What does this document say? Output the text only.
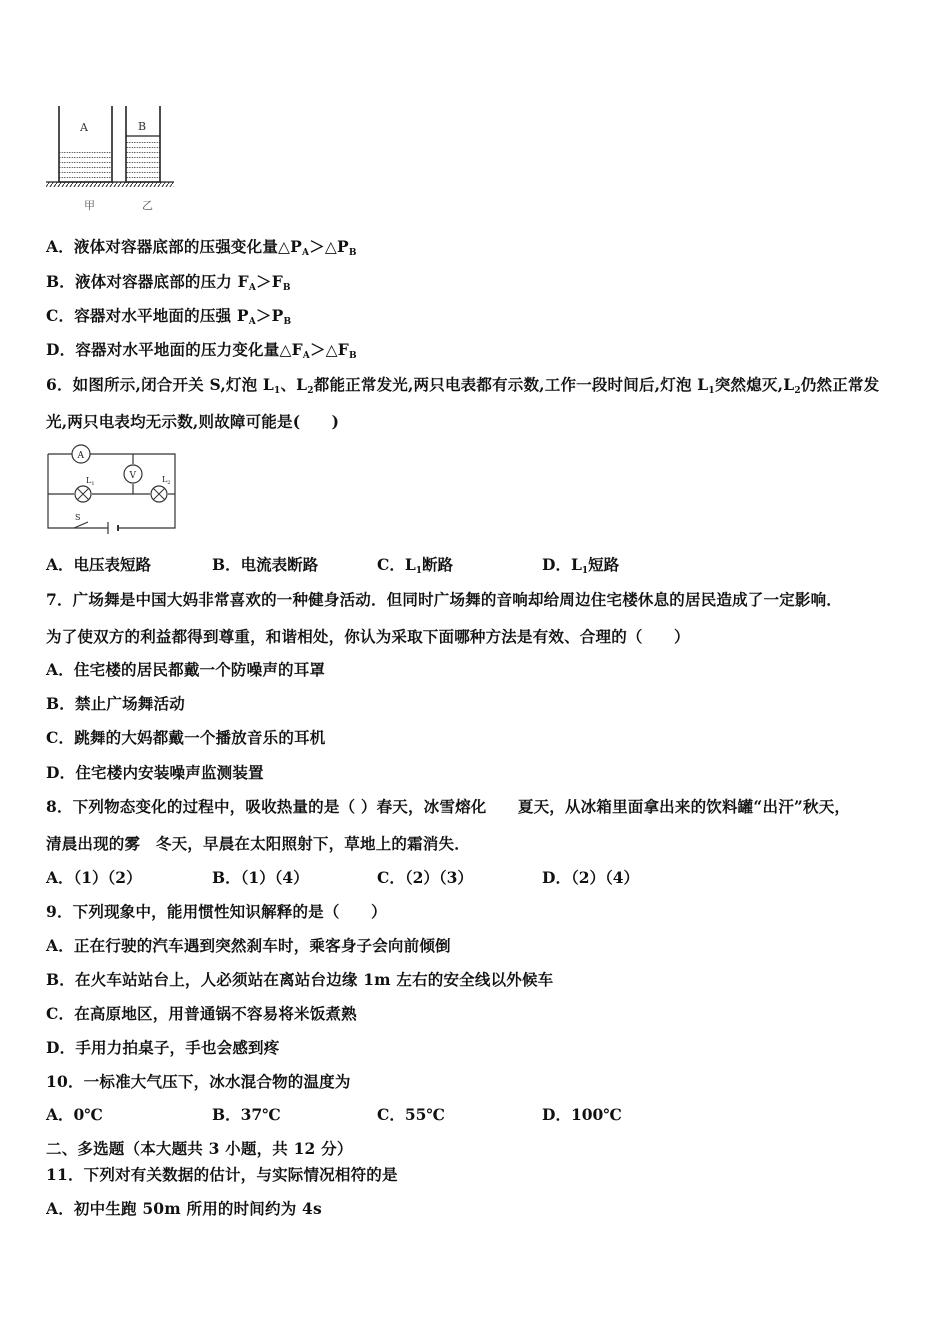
A	B
甲	乙
A．液体对容器底部的压强变化量$\triangle P_A>\triangle P_B$
B．液体对容器底部的压力 $F_A>F_B$
C．容器对水平地面的压强 $P_A>P_B$
D．容器对水平地面的压力变化量$\triangle F_A>\triangle F_B$
6．如图所示,闭合开关 S,灯泡 $L_1$、$L_2$都能正常发光,两只电表都有示数,工作一段时间后,灯泡 $L_1$突然熄灭$,L_2$仍然正常发
光,两只电表均无示数,则故障可能是(　　)
A
V
$L_1$	$L_2$
S
A．电压表短路	B．电流表断路	C．$L_1$断路	D．$L_1$短路
7．广场舞是中国大妈非常喜欢的一种健身活动．但同时广场舞的音响却给周边住宅楼休息的居民造成了一定影响．
为了使双方的利益都得到尊重，和谐相处，你认为采取下面哪种方法是有效、合理的（　　）
A．住宅楼的居民都戴一个防噪声的耳罩
B．禁止广场舞活动
C．跳舞的大妈都戴一个播放音乐的耳机
D．住宅楼内安装噪声监测装置
8．下列物态变化的过程中，吸收热量的是（ ）春天，冰雪熔化　　夏天，从冰箱里面拿出来的饮料罐“出汗”秋天，
清晨出现的雾　冬天，早晨在太阳照射下，草地上的霜消失．
A．（1）（2）	B．（1）（4）	C．（2）（3）	D．（2）（4）
9．下列现象中，能用惯性知识解释的是（　　）
A．正在行驶的汽车遇到突然刹车时，乘客身子会向前倾倒
B．在火车站站台上，人必须站在离站台边缘 1m 左右的安全线以外候车
C．在高原地区，用普通锅不容易将米饭煮熟
D．手用力拍桌子，手也会感到疼
10．一标准大气压下，冰水混合物的温度为
A．0℃	B．37℃	C．55℃	D．100℃
二、多选题（本大题共 3 小题，共 12 分）
11．下列对有关数据的估计，与实际情况相符的是
A．初中生跑 50m 所用的时间约为 4s
